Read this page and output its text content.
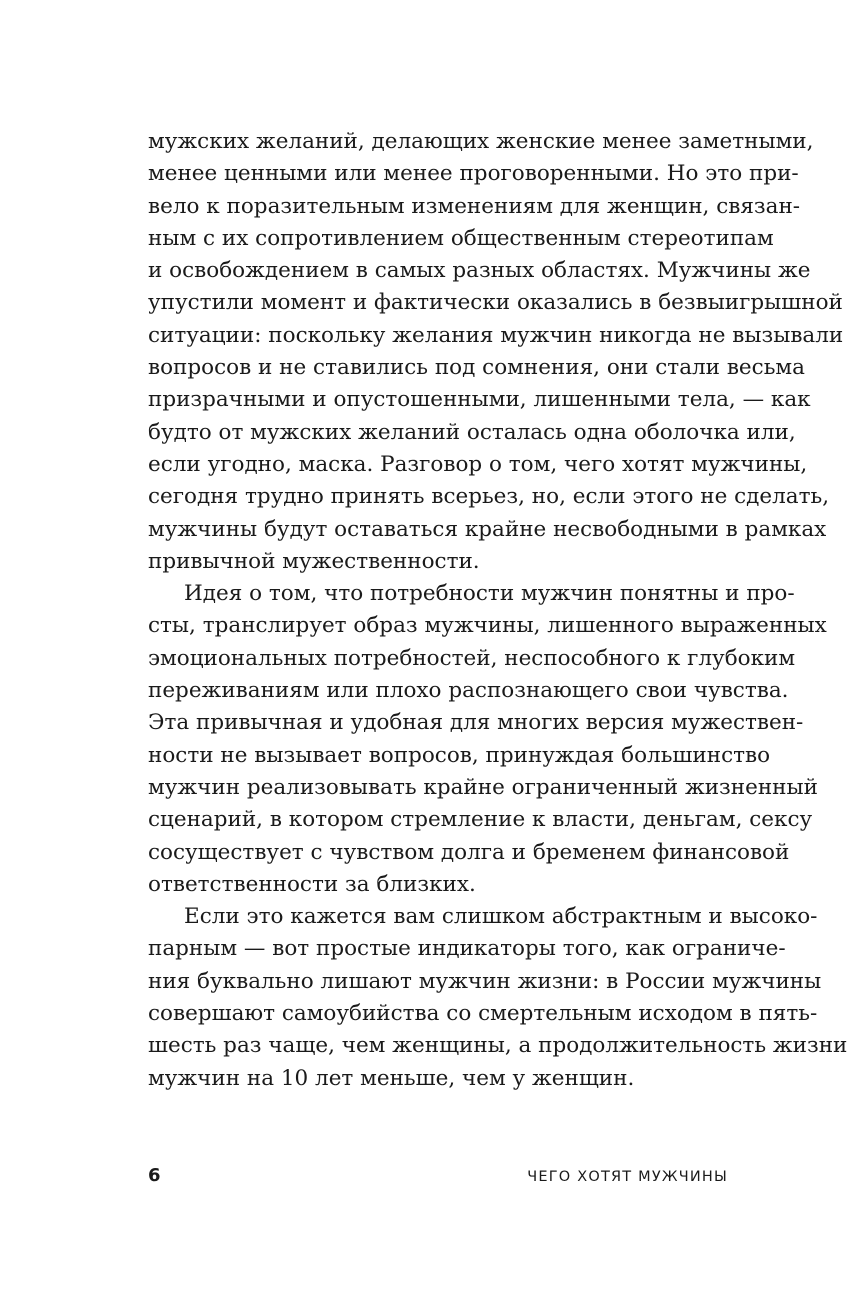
мужских желаний, делающих женские менее заметными,
менее ценными или менее проговоренными. Но это при-
вело к поразительным изменениям для женщин, связан-
ным с их сопротивлением общественным стереотипам
и освобождением в самых разных областях. Мужчины же
упустили момент и фактически оказались в безвыигрышной
ситуации: поскольку желания мужчин никогда не вызывали
вопросов и не ставились под сомнения, они стали весьма
призрачными и опустошенными, лишенными тела, — как
будто от мужских желаний осталась одна оболочка или,
если угодно, маска. Разговор о том, чего хотят мужчины,
сегодня трудно принять всерьез, но, если этого не сделать,
мужчины будут оставаться крайне несвободными в рамках
привычной мужественности.
Идея о том, что потребности мужчин понятны и про-
сты, транслирует образ мужчины, лишенного выраженных
эмоциональных потребностей, неспособного к глубоким
переживаниям или плохо распознающего свои чувства.
Эта привычная и удобная для многих версия мужествен-
ности не вызывает вопросов, принуждая большинство
мужчин реализовывать крайне ограниченный жизненный
сценарий, в котором стремление к власти, деньгам, сексу
сосуществует с чувством долга и бременем финансовой
ответственности за близких.
Если это кажется вам слишком абстрактным и высоко-
парным — вот простые индикаторы того, как ограниче-
ния буквально лишают мужчин жизни: в России мужчины
совершают самоубийства со смертельным исходом в пять-
шесть раз чаще, чем женщины, а продолжительность жизни
мужчин на 10 лет меньше, чем у женщин.
6	ЧЕГО ХОТЯТ МУЖЧИНЫ
